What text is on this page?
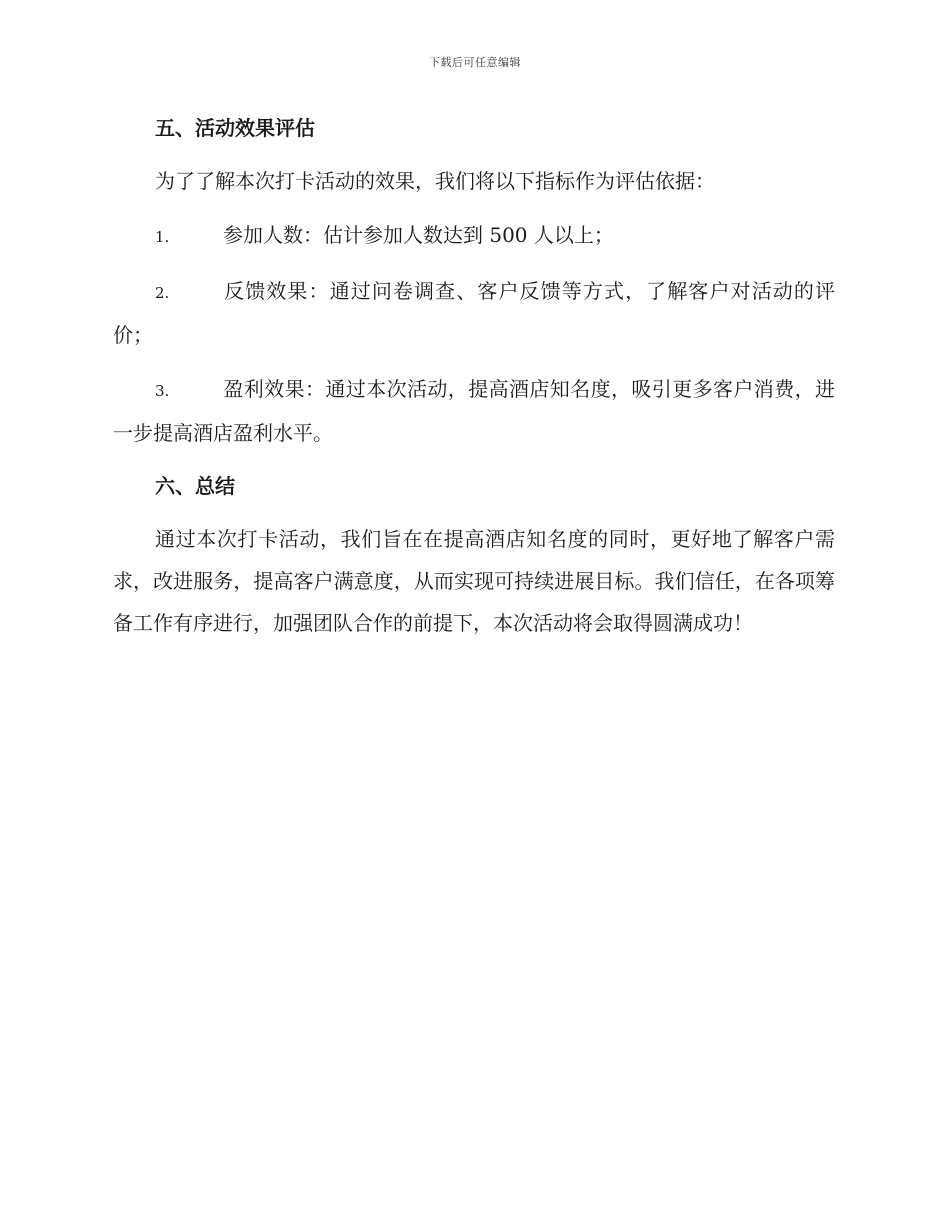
下载后可任意编辑
五、活动效果评估
为了了解本次打卡活动的效果，我们将以下指标作为评估依据：
1.	参加人数：估计参加人数达到 500 人以上；
2.	反馈效果：通过问卷调查、客户反馈等方式，了解客户对活动的评价；
3.	盈利效果：通过本次活动，提高酒店知名度，吸引更多客户消费，进一步提高酒店盈利水平。
六、总结
通过本次打卡活动，我们旨在在提高酒店知名度的同时，更好地了解客户需求，改进服务，提高客户满意度，从而实现可持续进展目标。我们信任，在各项筹备工作有序进行，加强团队合作的前提下，本次活动将会取得圆满成功！
